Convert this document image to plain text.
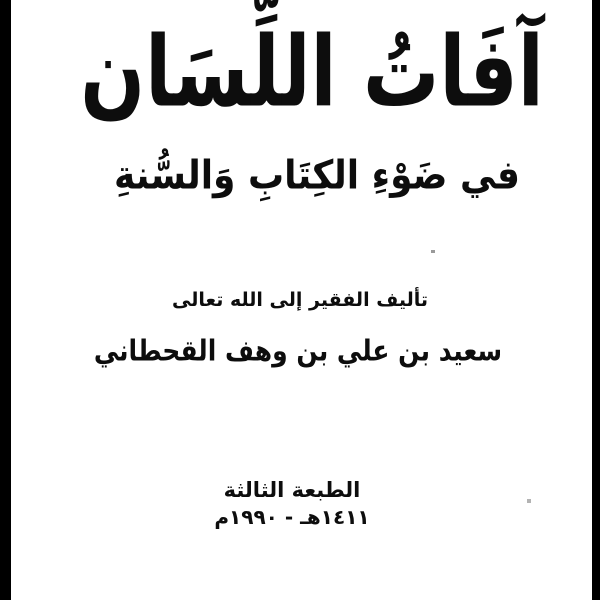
آفَاتُ اللِّسَان
في ضَوْءِ الكِتَابِ وَالسُّنةِ
تأليف الفقير إلى الله تعالى
سعيد بن علي بن وهف القحطاني
الطبعة الثالثة
١٤١١هـ - ١٩٩٠م
